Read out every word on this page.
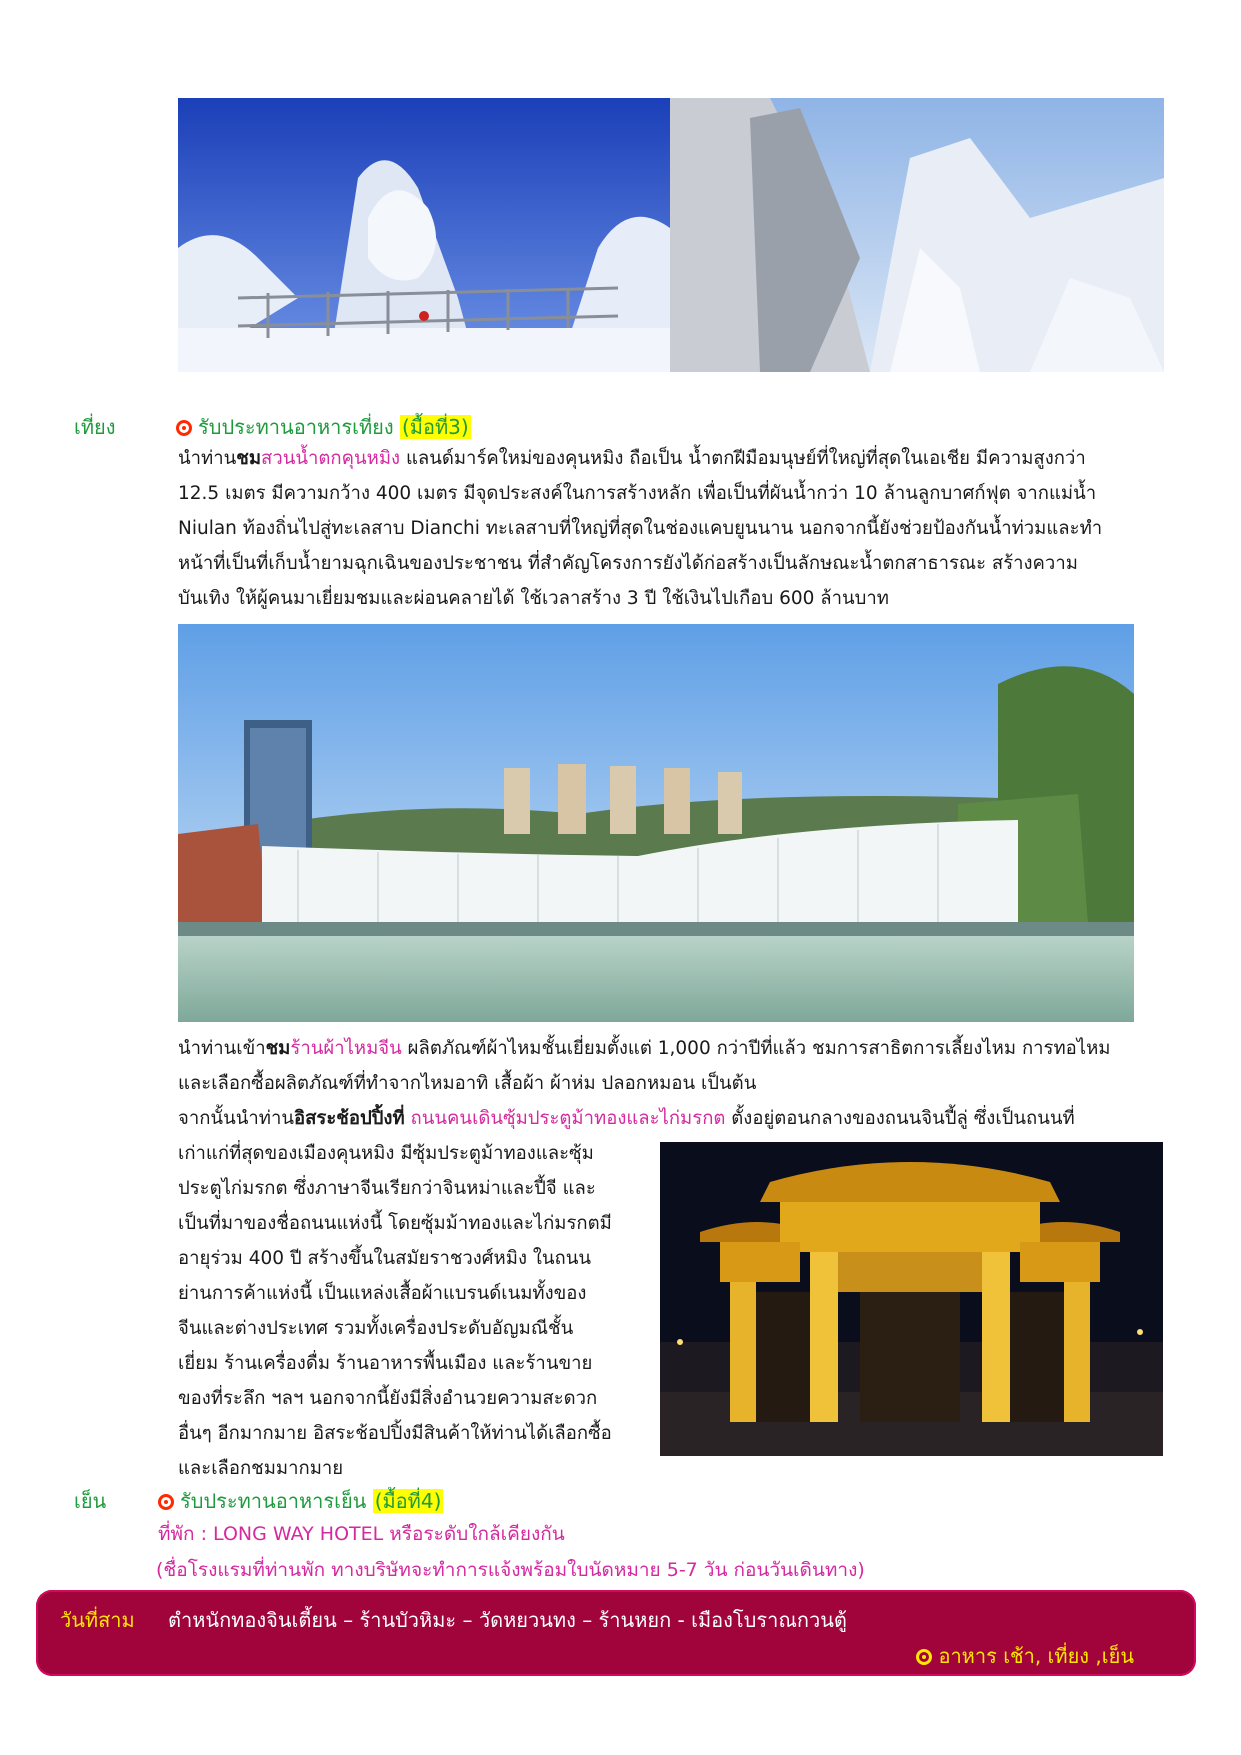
เที่ยง	รับประทานอาหารเที่ยง (มื้อที่3)
นำท่านชมสวนน้ำตกคุนหมิง แลนด์มาร์คใหม่ของคุนหมิง ถือเป็น น้ำตกฝีมือมนุษย์ที่ใหญ่ที่สุดในเอเชีย มีความสูงกว่า
12.5 เมตร มีความกว้าง 400 เมตร มีจุดประสงค์ในการสร้างหลัก เพื่อเป็นที่ผันน้ำกว่า 10 ล้านลูกบาศก์ฟุต จากแม่น้ำ
Niulan ท้องถิ่นไปสู่ทะเลสาบ Dianchi ทะเลสาบที่ใหญ่ที่สุดในช่องแคบยูนนาน นอกจากนี้ยังช่วยป้องกันน้ำท่วมและทำ
หน้าที่เป็นที่เก็บน้ำยามฉุกเฉินของประชาชน ที่สำคัญโครงการยังได้ก่อสร้างเป็นลักษณะน้ำตกสาธารณะ สร้างความ
บันเทิง ให้ผู้คนมาเยี่ยมชมและผ่อนคลายได้ ใช้เวลาสร้าง 3 ปี ใช้เงินไปเกือบ 600 ล้านบาท
นำท่านเข้าชมร้านผ้าไหมจีน ผลิตภัณฑ์ผ้าไหมชั้นเยี่ยมตั้งแต่ 1,000 กว่าปีที่แล้ว ชมการสาธิตการเลี้ยงไหม การทอไหม
และเลือกซื้อผลิตภัณฑ์ที่ทำจากไหมอาทิ เสื้อผ้า ผ้าห่ม ปลอกหมอน เป็นต้น
จากนั้นนำท่านอิสระช้อปปิ้งที่ ถนนคนเดินซุ้มประตูม้าทองและไก่มรกต ตั้งอยู่ตอนกลางของถนนจินปี้ลู่ ซึ่งเป็นถนนที่
เก่าแก่ที่สุดของเมืองคุนหมิง มีซุ้มประตูม้าทองและซุ้ม
ประตูไก่มรกต ซึ่งภาษาจีนเรียกว่าจินหม่าและปี้จี และ
เป็นที่มาของชื่อถนนแห่งนี้ โดยซุ้มม้าทองและไก่มรกตมี
อายุร่วม 400 ปี สร้างขึ้นในสมัยราชวงศ์หมิง ในถนน
ย่านการค้าแห่งนี้ เป็นแหล่งเสื้อผ้าแบรนด์เนมทั้งของ
จีนและต่างประเทศ รวมทั้งเครื่องประดับอัญมณีชั้น
เยี่ยม ร้านเครื่องดื่ม ร้านอาหารพื้นเมือง และร้านขาย
ของที่ระลึก ฯลฯ นอกจากนี้ยังมีสิ่งอำนวยความสะดวก
อื่นๆ อีกมากมาย อิสระช้อปปิ้งมีสินค้าให้ท่านได้เลือกซื้อ
และเลือกชมมากมาย
เย็น	รับประทานอาหารเย็น (มื้อที่4)
ที่พัก : LONG WAY HOTEL หรือระดับใกล้เคียงกัน
(ชื่อโรงแรมที่ท่านพัก ทางบริษัทจะทำการแจ้งพร้อมใบนัดหมาย 5-7 วัน ก่อนวันเดินทาง)
วันที่สาม ตำหนักทองจินเตี้ยน – ร้านบัวหิมะ – วัดหยวนทง – ร้านหยก - เมืองโบราณกวนตู้
อาหาร เช้า, เที่ยง ,เย็น
